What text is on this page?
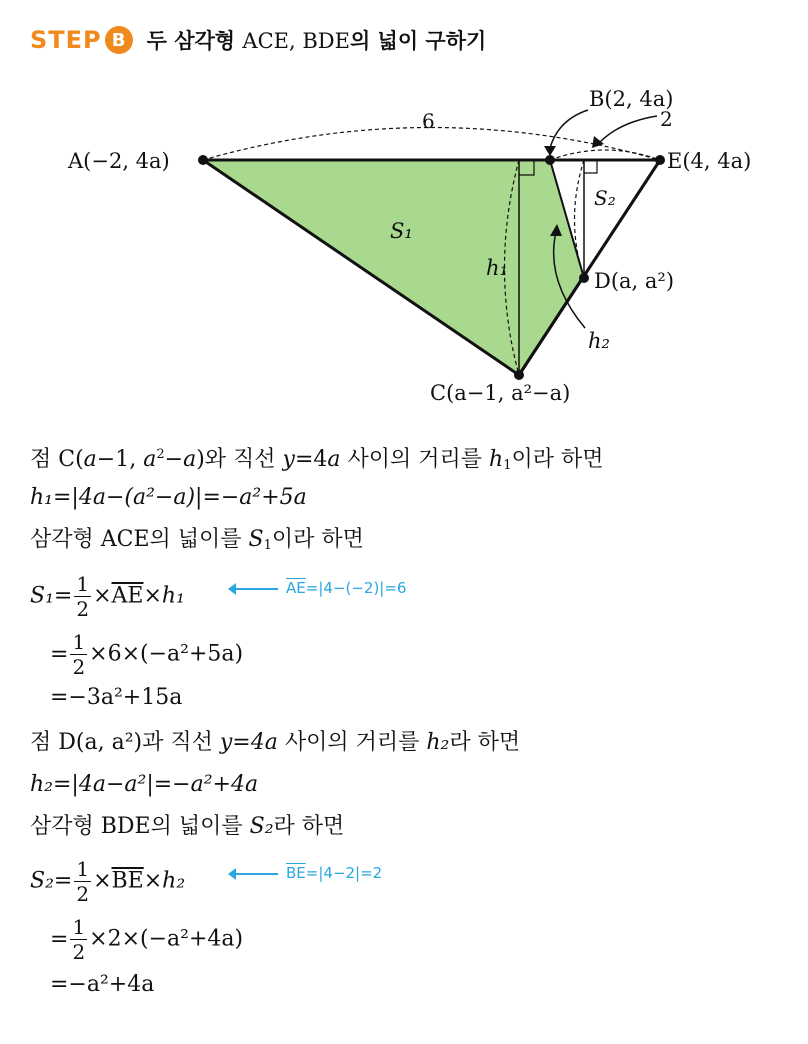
STEP B	두 삼각형 ACE, BDE의 넓이 구하기
A(−2, 4a)
B(2, 4a)
E(4, 4a)
D(a, a²)
C(a−1, a²−a)
6	2
S₁
S₂
h₁
h₂
점 C(a−1, $a^2-a$)와 직선 y=4a 사이의 거리를 $h_1$이라 하면
h₁=|4a−(a²−a)|=−a²+5a
삼각형 ACE의 넓이를 $S_1$이라 하면
$S_1= \frac{1}{2} \times\overline{AE}\times h_1$	$\overline{AE}=|4-(-2)|=6$
= $\frac{1}{2} \times 6\times(-a^2+5a)$
=−3a²+15a
점 D(a, a²)과 직선 y=4a 사이의 거리를 h₂라 하면
h₂=|4a−a²|=−a²+4a
삼각형 BDE의 넓이를 S₂라 하면
$S_2= \frac{1}{2} \times\overline{BE}\times h_2$	$\overline{BE}=|4-2|=2$
= $\frac{1}{2} \times 2\times(-a^2+4a)$
=−a²+4a
